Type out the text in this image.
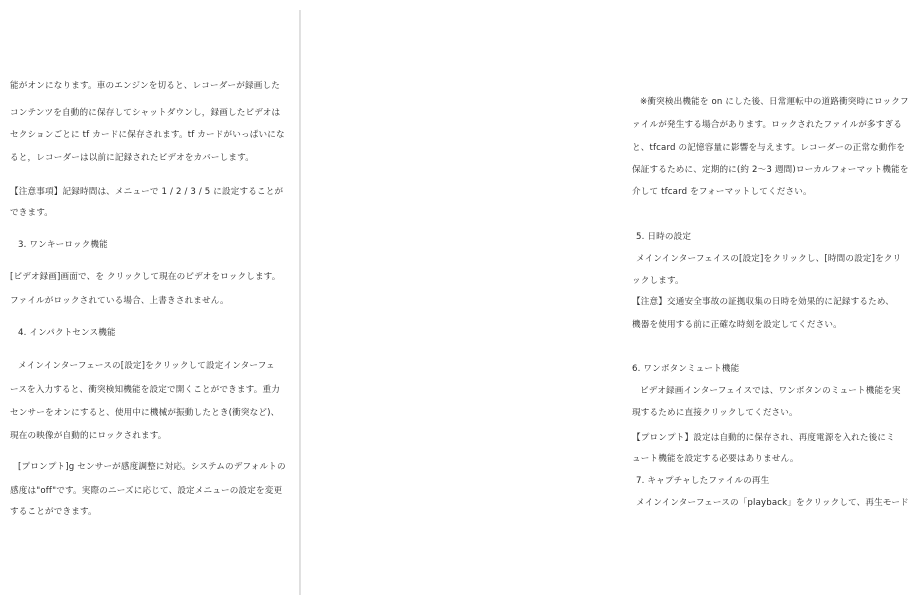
能がオンになります。車のエンジンを切ると、レコーダーが録画した
コンテンツを自動的に保存してシャットダウンし，録画したビデオは
セクションごとに tf カードに保存されます。tf カードがいっぱいにな
ると，レコーダーは以前に記録されたビデオをカバーします。
【注意事項】記録時間は、メニューで 1 / 2 / 3 / 5 に設定することが
できます。
3. ワンキーロック機能
[ビデオ録画]画面で、を クリックして現在のビデオをロックします。
ファイルがロックされている場合、上書きされません。
4. インパクトセンス機能
メインインターフェースの[設定]をクリックして設定インターフェ
ースを入力すると、衝突検知機能を設定で開くことができます。重力
センサーをオンにすると、使用中に機械が振動したとき(衝突など)、
現在の映像が自動的にロックされます。
[プロンプト]g センサーが感度調整に対応。システムのデフォルトの
感度は"off"です。実際のニーズに応じて、設定メニューの設定を変更
することができます。
※衝突検出機能を on にした後、日常運転中の道路衝突時にロックフ
ァイルが発生する場合があります。ロックされたファイルが多すぎる
と、tfcard の記憶容量に影響を与えます。レコーダーの正常な動作を
保証するために、定期的に(約 2～3 週間)ローカルフォーマット機能を
介して tfcard をフォーマットしてください。
5. 日時の設定
メインインターフェイスの[設定]をクリックし、[時間の設定]をクリ
ックします。
【注意】交通安全事故の証拠収集の日時を効果的に記録するため、
機器を使用する前に正確な時刻を設定してください。
6. ワンボタンミュート機能
ビデオ録画インターフェイスでは、ワンボタンのミュート機能を実
現するために直接クリックしてください。
【プロンプト】設定は自動的に保存され、再度電源を入れた後にミ
ュート機能を設定する必要はありません。
7. キャプチャしたファイルの再生
メインインターフェースの「playback」をクリックして、再生モード
